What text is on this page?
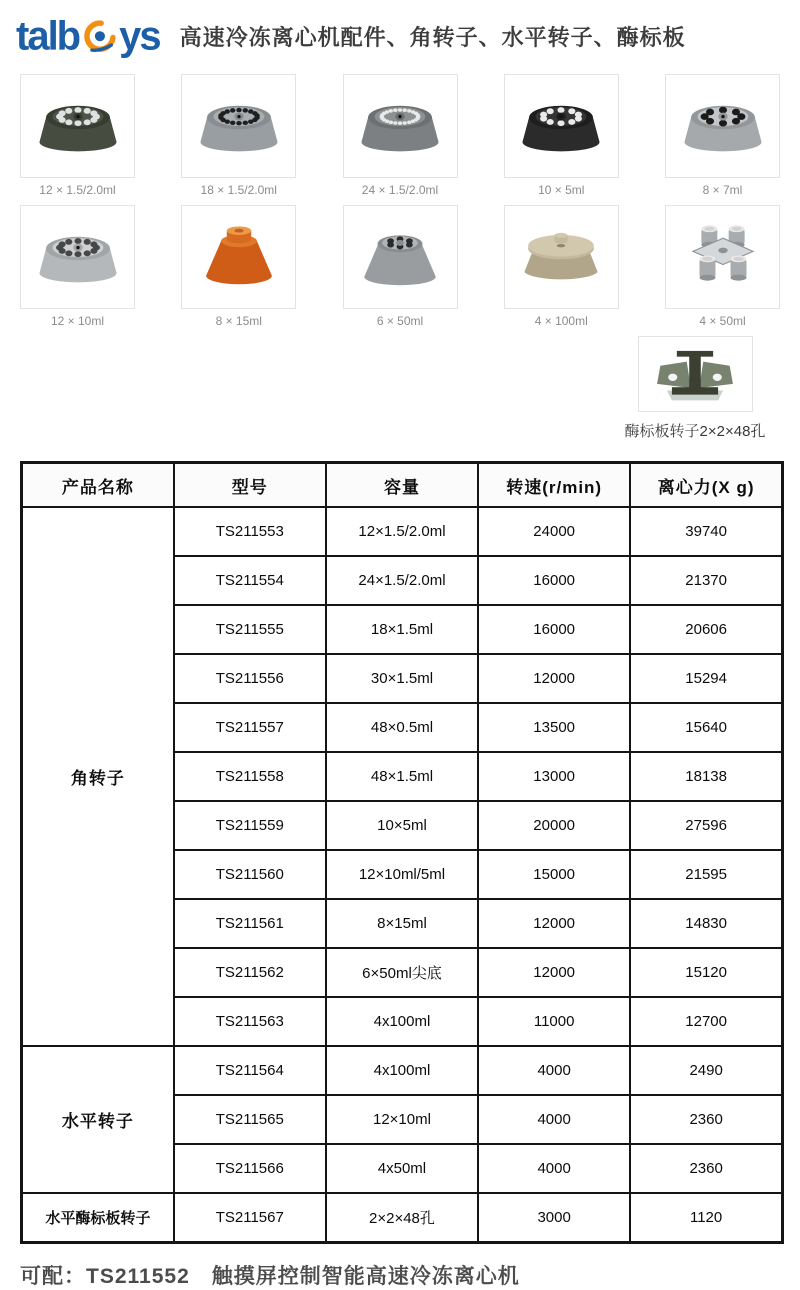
talb ys 高速冷冻离心机配件、角转子、水平转子、酶标板
12 × 1.5/2.0ml	18 × 1.5/2.0ml	24 × 1.5/2.0ml	10 × 5ml	8 × 7ml
12 × 10ml	8 × 15ml	6 × 50ml	4 × 100ml	4 × 50ml
酶标板转子2×2×48孔
产品名称	型号	容量	转速(r/min)	离心力(X g)
角转子	TS211553	12×1.5/2.0ml	24000	39740
	TS211554	24×1.5/2.0ml	16000	21370
	TS211555	18×1.5ml	16000	20606
	TS211556	30×1.5ml	12000	15294
	TS211557	48×0.5ml	13500	15640
	TS211558	48×1.5ml	13000	18138
	TS211559	10×5ml	20000	27596
	TS211560	12×10ml/5ml	15000	21595
	TS211561	8×15ml	12000	14830
	TS211562	6×50ml尖底	12000	15120
	TS211563	4x100ml	11000	12700
水平转子	TS211564	4x100ml	4000	2490
	TS211565	12×10ml	4000	2360
	TS211566	4x50ml	4000	2360
水平酶标板转子	TS211567	2×2×48孔	3000	1120
可配：TS211552　触摸屏控制智能高速冷冻离心机
